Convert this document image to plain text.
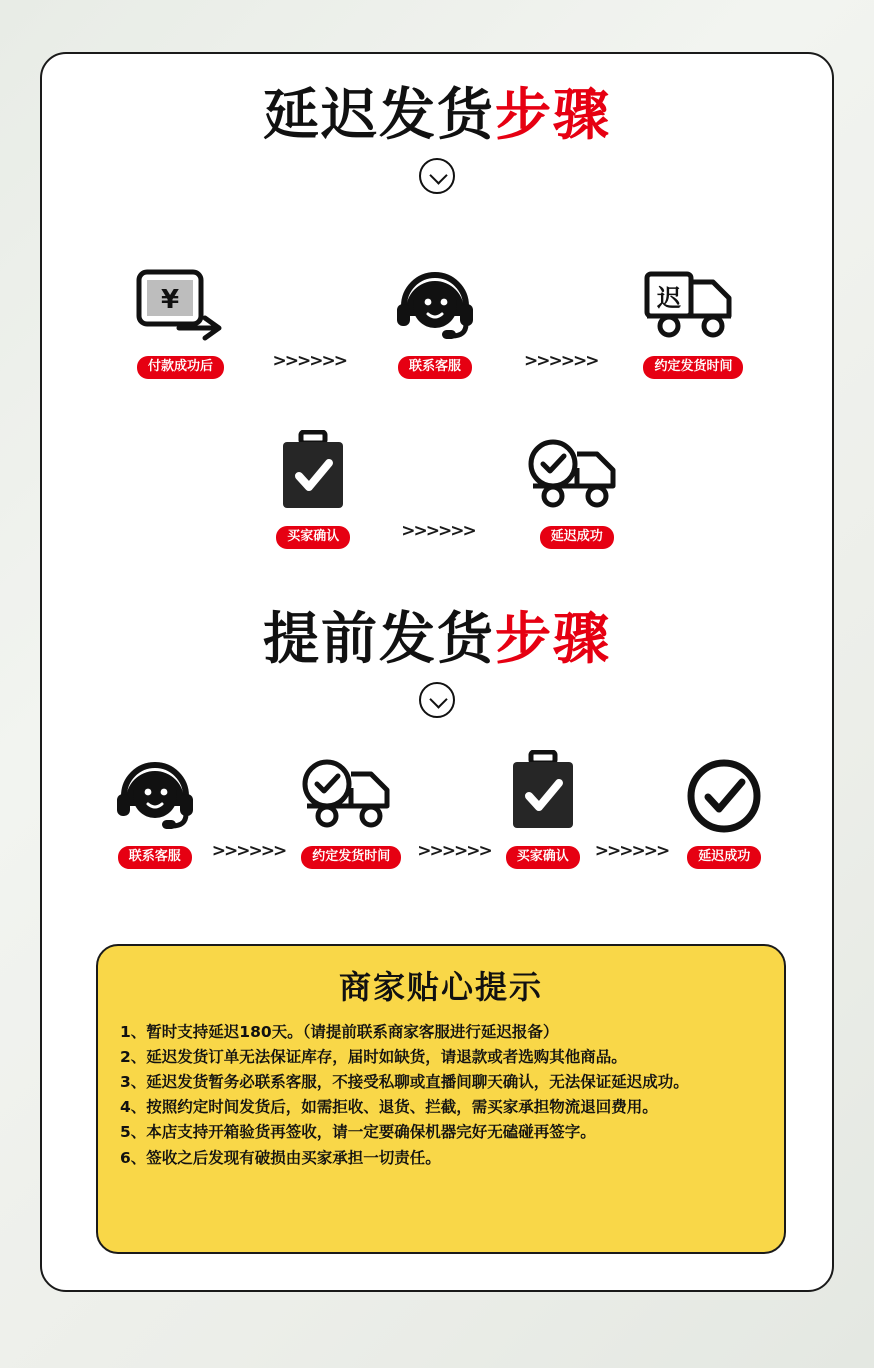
延迟发货步骤
¥
付款成功后	>>>>>>	联系客服	>>>>>>
迟
约定发货时间
买家确认	>>>>>>	延迟成功
提前发货步骤
联系客服	>>>>>>	约定发货时间	>>>>>>	买家确认	>>>>>>	延迟成功
商家贴心提示
1、暂时支持延迟180天。（请提前联系商家客服进行延迟报备）
2、延迟发货订单无法保证库存，届时如缺货，请退款或者选购其他商品。
3、延迟发货暂务必联系客服，不接受私聊或直播间聊天确认，无法保证延迟成功。
4、按照约定时间发货后，如需拒收、退货、拦截，需买家承担物流退回费用。
5、本店支持开箱验货再签收，请一定要确保机器完好无磕碰再签字。
6、签收之后发现有破损由买家承担一切责任。
